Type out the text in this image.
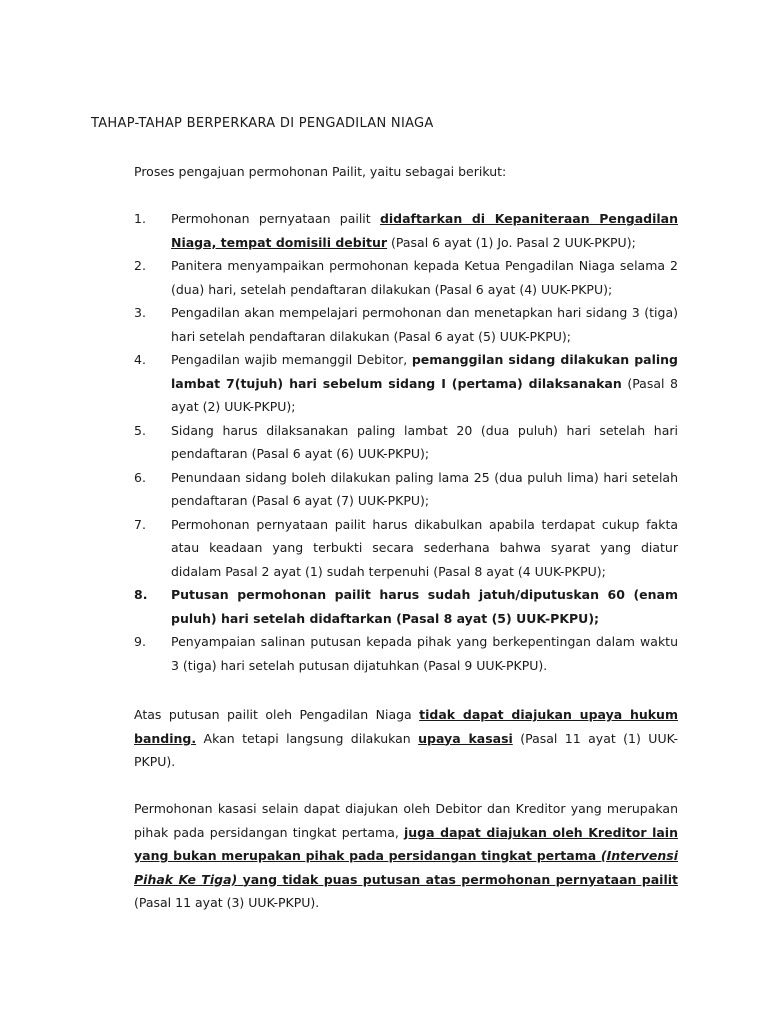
TAHAP-TAHAP BERPERKARA DI PENGADILAN NIAGA

Proses pengajuan permohonan Pailit, yaitu sebagai berikut:

1.	Permohonan pernyataan pailit didaftarkan di Kepaniteraan Pengadilan Niaga, tempat domisili debitur (Pasal 6 ayat (1) Jo. Pasal 2 UUK-PKPU);
2.	Panitera menyampaikan permohonan kepada Ketua Pengadilan Niaga selama 2 (dua) hari, setelah pendaftaran dilakukan (Pasal 6 ayat (4) UUK-PKPU);
3.	Pengadilan akan mempelajari permohonan dan menetapkan hari sidang 3 (tiga) hari setelah pendaftaran dilakukan (Pasal 6 ayat (5) UUK-PKPU);
4.	Pengadilan wajib memanggil Debitor, pemanggilan sidang dilakukan paling lambat 7(tujuh) hari sebelum sidang I (pertama) dilaksanakan (Pasal 8 ayat (2) UUK-PKPU);
5.	Sidang harus dilaksanakan paling lambat 20 (dua puluh) hari setelah hari pendaftaran (Pasal 6 ayat (6) UUK-PKPU);
6.	Penundaan sidang boleh dilakukan paling lama 25 (dua puluh lima) hari setelah pendaftaran (Pasal 6 ayat (7) UUK-PKPU);
7.	Permohonan pernyataan pailit harus dikabulkan apabila terdapat cukup fakta atau keadaan yang terbukti secara sederhana bahwa syarat yang diatur didalam Pasal 2 ayat (1) sudah terpenuhi (Pasal 8 ayat (4 UUK-PKPU);
8.	Putusan permohonan pailit harus sudah jatuh/diputuskan 60 (enam puluh) hari setelah didaftarkan (Pasal 8 ayat (5) UUK-PKPU);
9.	Penyampaian salinan putusan kepada pihak yang berkepentingan dalam waktu 3 (tiga) hari setelah putusan dijatuhkan (Pasal 9 UUK-PKPU).

Atas putusan pailit oleh Pengadilan Niaga tidak dapat diajukan upaya hukum banding. Akan tetapi langsung dilakukan upaya kasasi (Pasal 11 ayat (1) UUK-PKPU).

Permohonan kasasi selain dapat diajukan oleh Debitor dan Kreditor yang merupakan pihak pada persidangan tingkat pertama, juga dapat diajukan oleh Kreditor lain yang bukan merupakan pihak pada persidangan tingkat pertama (Intervensi Pihak Ke Tiga) yang tidak puas putusan atas permohonan pernyataan pailit (Pasal 11 ayat (3) UUK-PKPU).
